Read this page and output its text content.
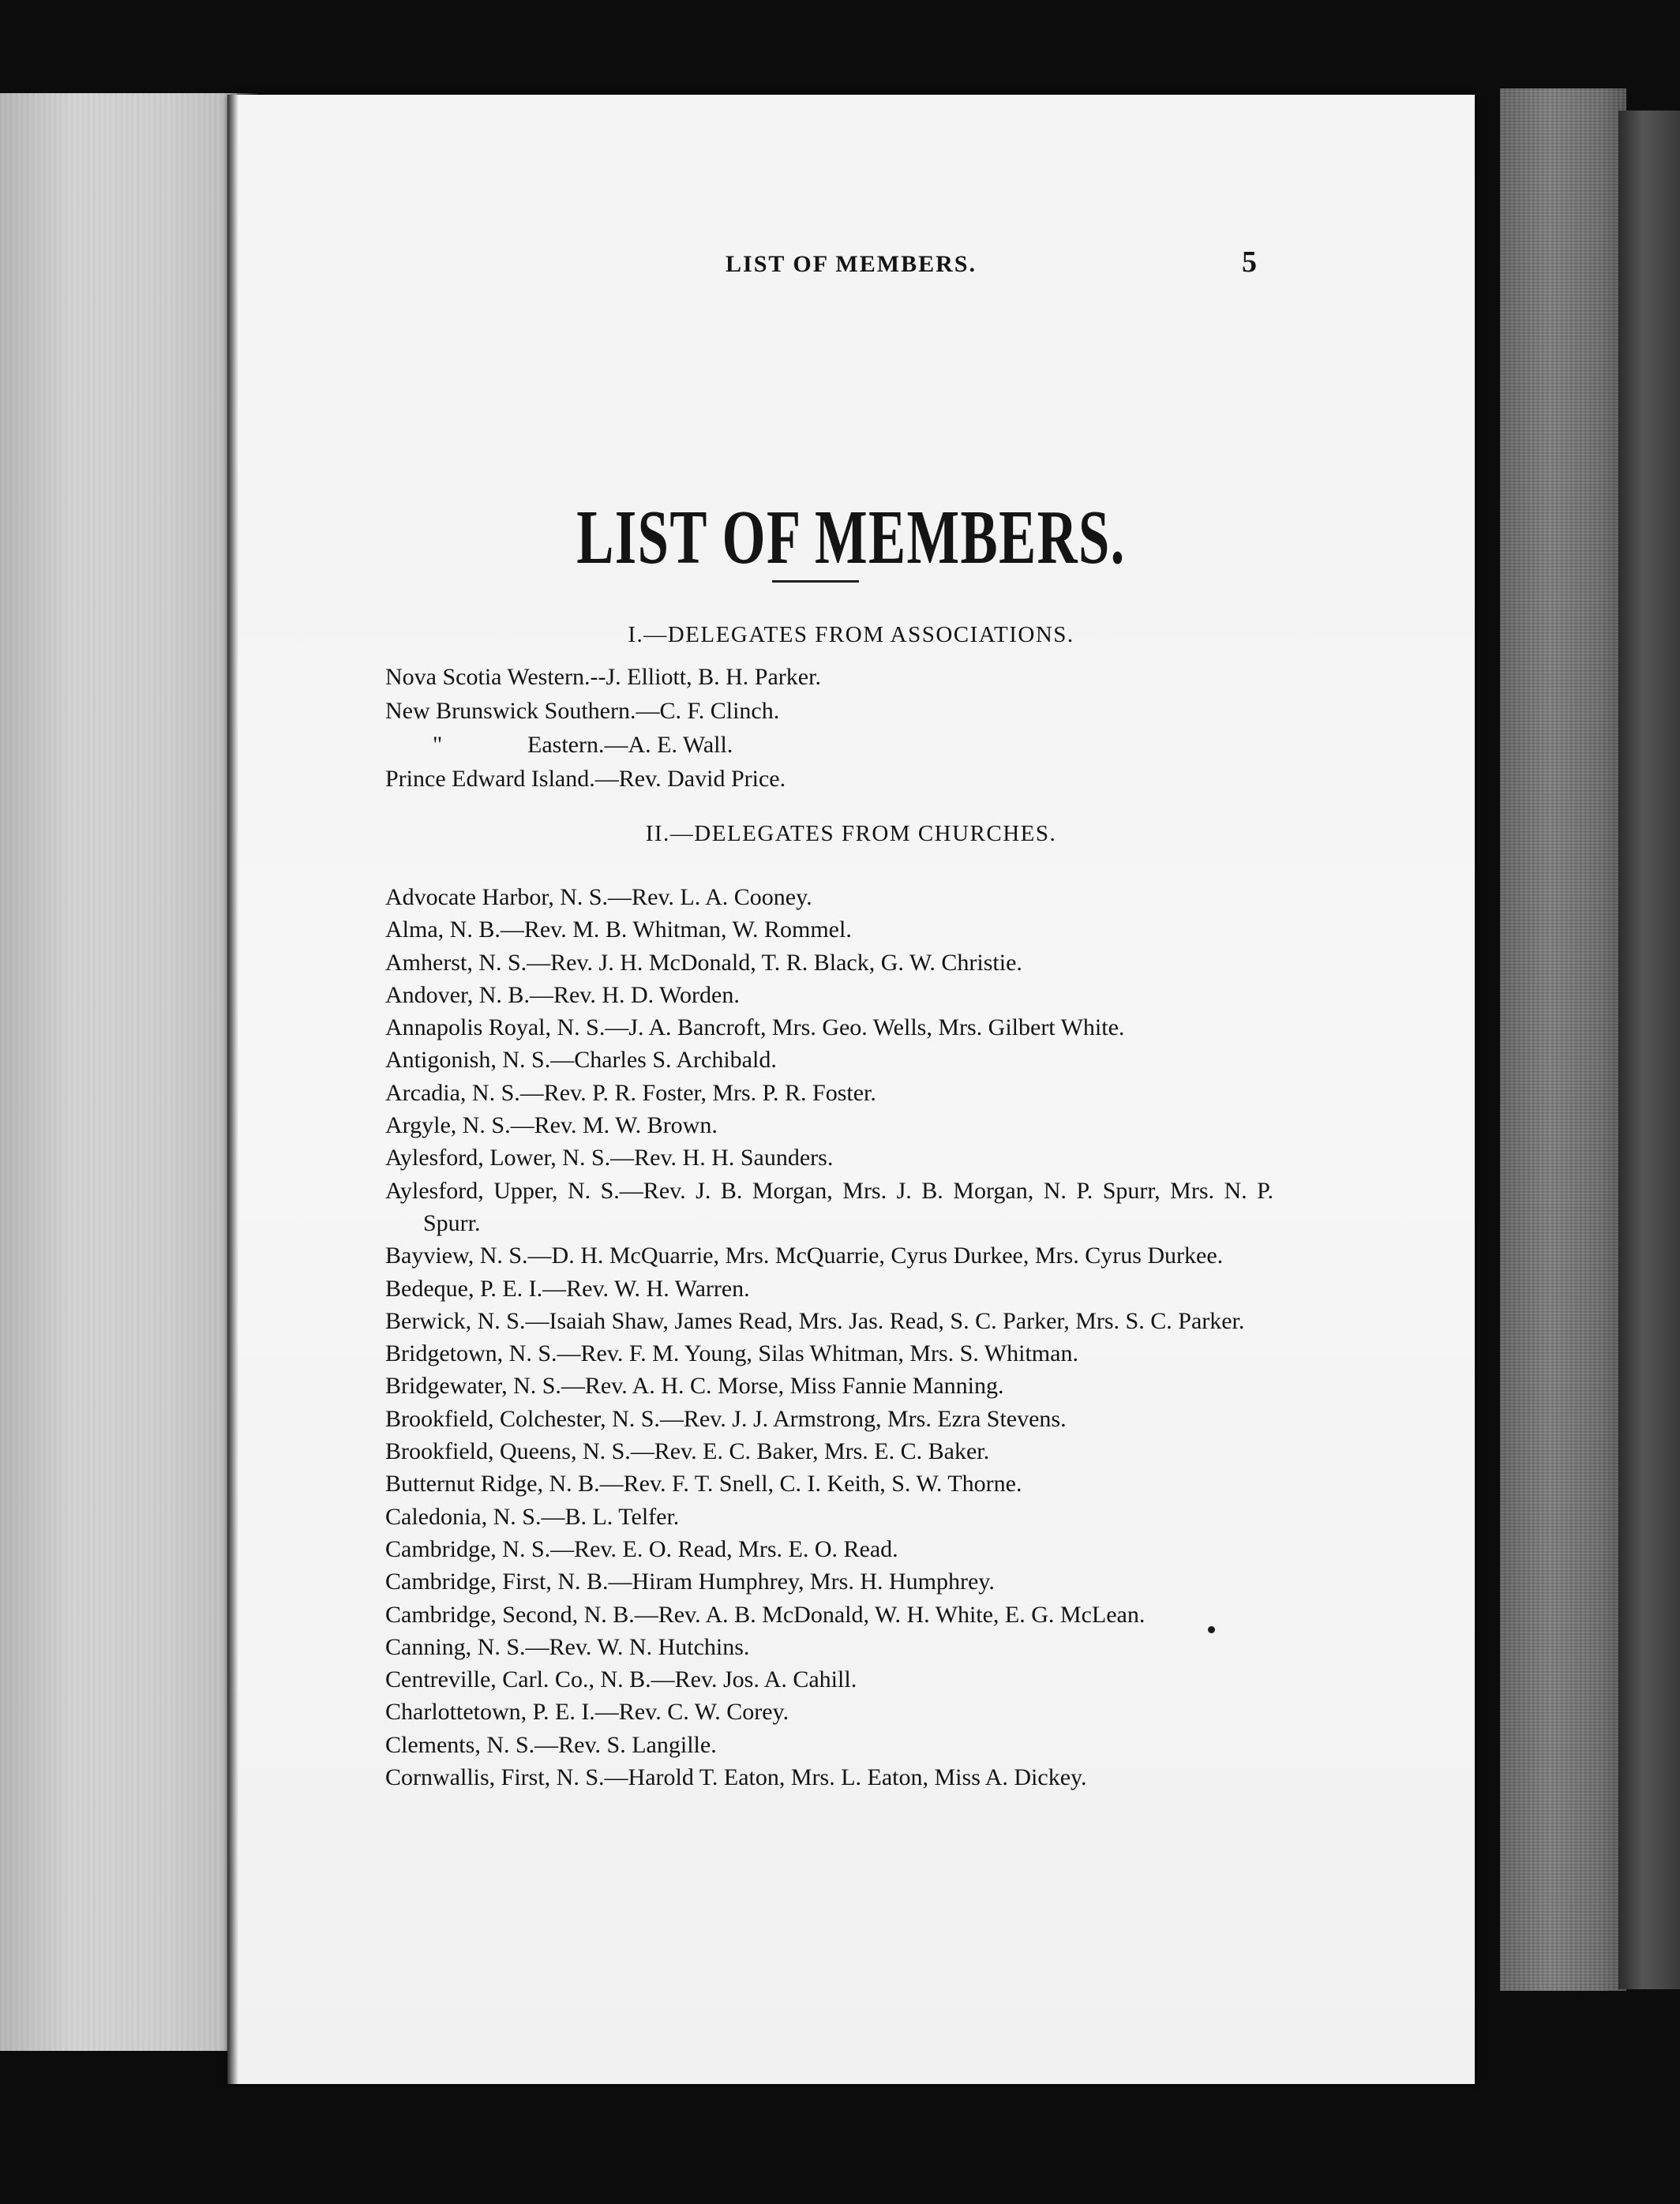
LIST OF MEMBERS.	5
LIST OF MEMBERS.
I.—DELEGATES FROM ASSOCIATIONS.

Nova Scotia Western.--J. Elliott, B. H. Parker.

New Brunswick Southern.—C. F. Clinch.

"	Eastern.—A. E. Wall.

Prince Edward Island.—Rev. David Price.

II.—DELEGATES FROM CHURCHES.

Advocate Harbor, N. S.—Rev. L. A. Cooney.

Alma, N. B.—Rev. M. B. Whitman, W. Rommel.

Amherst, N. S.—Rev. J. H. McDonald, T. R. Black, G. W. Christie.

Andover, N. B.—Rev. H. D. Worden.

Annapolis Royal, N. S.—J. A. Bancroft, Mrs. Geo. Wells, Mrs. Gilbert White.

Antigonish, N. S.—Charles S. Archibald.

Arcadia, N. S.—Rev. P. R. Foster, Mrs. P. R. Foster.

Argyle, N. S.—Rev. M. W. Brown.

Aylesford, Lower, N. S.—Rev. H. H. Saunders.

Aylesford, Upper, N. S.—Rev. J. B. Morgan, Mrs. J. B. Morgan, N. P. Spurr, Mrs. N. P. Spurr.

Bayview, N. S.—D. H. McQuarrie, Mrs. McQuarrie, Cyrus Durkee, Mrs. Cyrus Durkee.

Bedeque, P. E. I.—Rev. W. H. Warren.

Berwick, N. S.—Isaiah Shaw, James Read, Mrs. Jas. Read, S. C. Parker, Mrs. S. C. Parker.

Bridgetown, N. S.—Rev. F. M. Young, Silas Whitman, Mrs. S. Whitman.

Bridgewater, N. S.—Rev. A. H. C. Morse, Miss Fannie Manning.

Brookfield, Colchester, N. S.—Rev. J. J. Armstrong, Mrs. Ezra Stevens.

Brookfield, Queens, N. S.—Rev. E. C. Baker, Mrs. E. C. Baker.

Butternut Ridge, N. B.—Rev. F. T. Snell, C. I. Keith, S. W. Thorne.

Caledonia, N. S.—B. L. Telfer.

Cambridge, N. S.—Rev. E. O. Read, Mrs. E. O. Read.

Cambridge, First, N. B.—Hiram Humphrey, Mrs. H. Humphrey.

Cambridge, Second, N. B.—Rev. A. B. McDonald, W. H. White, E. G. McLean.

Canning, N. S.—Rev. W. N. Hutchins.

Centreville, Carl. Co., N. B.—Rev. Jos. A. Cahill.

Charlottetown, P. E. I.—Rev. C. W. Corey.

Clements, N. S.—Rev. S. Langille.

Cornwallis, First, N. S.—Harold T. Eaton, Mrs. L. Eaton, Miss A. Dickey.
